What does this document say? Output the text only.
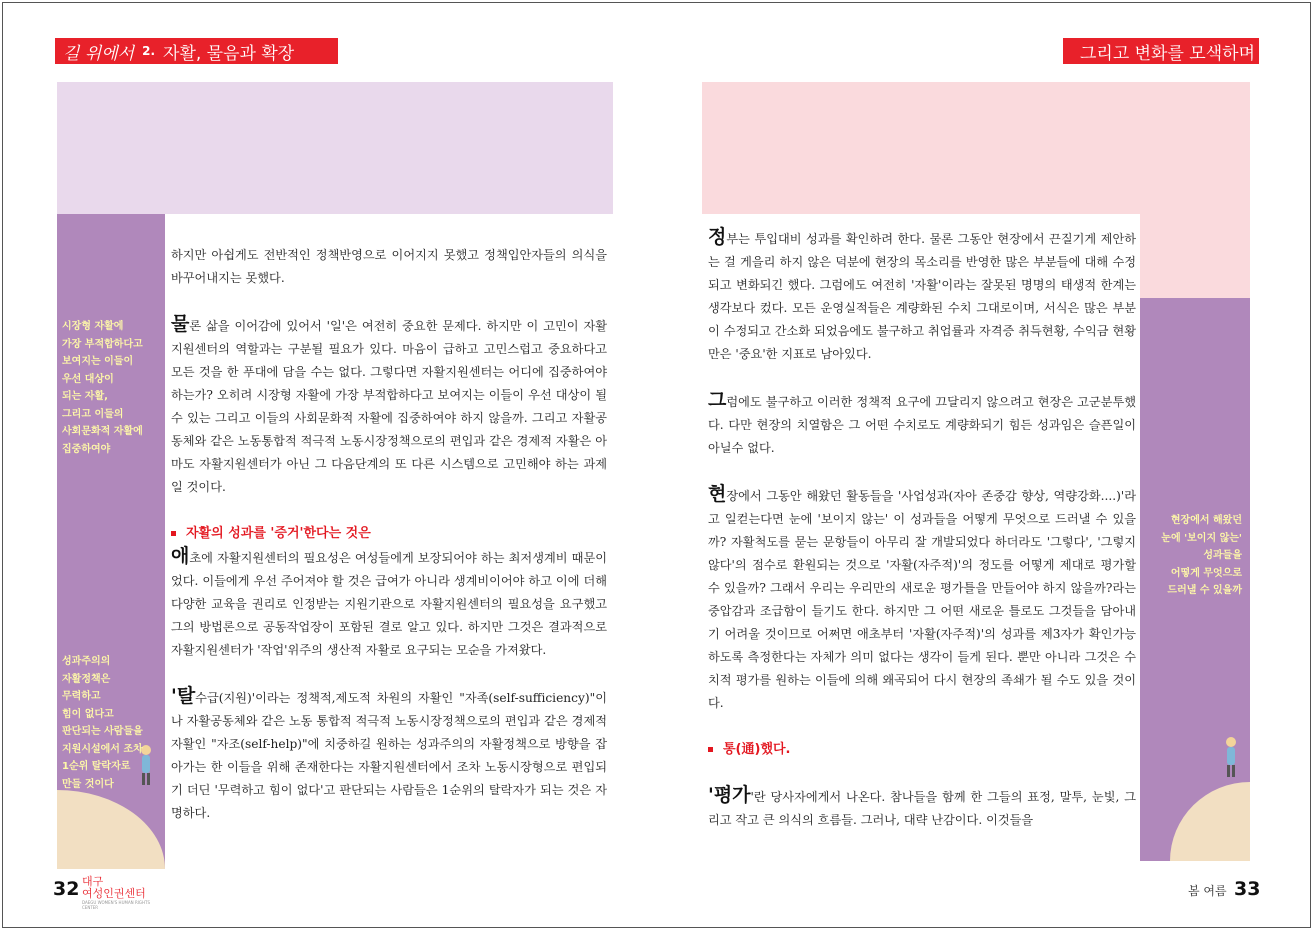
길 위에서 2. 자활, 물음과 확장	그리고 변화를 모색하며
시장형 자활에
가장 부적합하다고
보여지는 이들이
우선 대상이
되는 자활,
그리고 이들의
사회문화적 자활에
집중하여야
성과주의의
자활정책은
무력하고
힘이 없다고
판단되는 사람들을
지원시설에서 조차
1순위 탈락자로
만들 것이다
현장에서 해왔던
눈에 '보이지 않는'
성과들을
어떻게 무엇으로
드러낼 수 있을까

하지만 아쉽게도 전반적인 정책반영으로 이어지지 못했고 정책입안자들의 의식을 바꾸어내지는 못했다.

물론 삶을 이어감에 있어서 '일'은 여전히 중요한 문제다. 하지만 이 고민이 자활지원센터의 역할과는 구분될 필요가 있다. 마음이 급하고 고민스럽고 중요하다고 모든 것을 한 푸대에 담을 수는 없다. 그렇다면 자활지원센터는 어디에 집중하여야 하는가? 오히려 시장형 자활에 가장 부적합하다고 보여지는 이들이 우선 대상이 될 수 있는 그리고 이들의 사회문화적 자활에 집중하여야 하지 않을까. 그리고 자활공동체와 같은 노동통합적 적극적 노동시장정책으로의 편입과 같은 경제적 자활은 아마도 자활지원센터가 아닌 그 다음단계의 또 다른 시스템으로 고민해야 하는 과제 일 것이다.

자활의 성과를 '증거'한다는 것은

애초에 자활지원센터의 필요성은 여성들에게 보장되어야 하는 최저생계비 때문이었다. 이들에게 우선 주어져야 할 것은 급여가 아니라 생계비이어야 하고 이에 더해 다양한 교육을 권리로 인정받는 지원기관으로 자활지원센터의 필요성을 요구했고 그의 방법론으로 공동작업장이 포함된 결로 알고 있다. 하지만 그것은 결과적으로 자활지원센터가 '작업'위주의 생산적 자활로 요구되는 모순을 가져왔다.

'탈수급(지원)'이라는 정책적,제도적 차원의 자활인 "자족(self-sufficiency)"이나 자활공동체와 같은 노동 통합적 적극적 노동시장정책으로의 편입과 같은 경제적 자활인 "자조(self-help)"에 치중하길 원하는 성과주의의 자활정책으로 방향을 잡아가는 한 이들을 위해 존재한다는 자활지원센터에서 조차 노동시장형으로 편입되기 더딘 '무력하고 힘이 없다'고 판단되는 사람들은 1순위의 탈락자가 되는 것은 자명하다.

정부는 투입대비 성과를 확인하려 한다. 물론 그동안 현장에서 끈질기게 제안하는 걸 게을리 하지 않은 덕분에 현장의 목소리를 반영한 많은 부분들에 대해 수정되고 변화되긴 했다. 그럼에도 여전히 '자활'이라는 잘못된 명명의 태생적 한계는 생각보다 컸다. 모든 운영실적들은 계량화된 수치 그대로이며, 서식은 많은 부분이 수정되고 간소화 되었음에도 불구하고 취업률과 자격증 취득현황, 수익금 현황만은 '중요'한 지표로 남아있다.

그럼에도 불구하고 이러한 정책적 요구에 끄달리지 않으려고 현장은 고군분투했다. 다만 현장의 치열함은 그 어떤 수치로도 계량화되기 힘든 성과임은 슬픈일이 아닐수 없다.

현장에서 그동안 해왔던 활동들을 '사업성과(자아 존중감 향상, 역량강화....)'라고 일컫는다면 눈에 '보이지 않는' 이 성과들을 어떻게 무엇으로 드러낼 수 있을까? 자활척도를 묻는 문항들이 아무리 잘 개발되었다 하더라도 '그렇다', '그렇지 않다'의 점수로 환원되는 것으로 '자활(자주적)'의 정도를 어떻게 제대로 평가할 수 있을까? 그래서 우리는 우리만의 새로운 평가틀을 만들어야 하지 않을까?라는 중압감과 조급함이 들기도 한다. 하지만 그 어떤 새로운 틀로도 그것들을 담아내기 어려울 것이므로 어쩌면 애초부터 '자활(자주적)'의 성과를 제3자가 확인가능 하도록 측정한다는 자체가 의미 없다는 생각이 들게 된다. 뿐만 아니라 그것은 수치적 평가를 원하는 이들에 의해 왜곡되어 다시 현장의 족쇄가 될 수도 있을 것이다.

통(通)했다.

'평가'란 당사자에게서 나온다. 참나들을 함께 한 그들의 표정, 말투, 눈빛, 그리고 작고 큰 의식의 흐름들. 그러나, 대략 난감이다. 이것들을

32 대구
여성인권센터
DAEGU WOMEN'S HUMAN RIGHTS CENTER
봄 여름 33
